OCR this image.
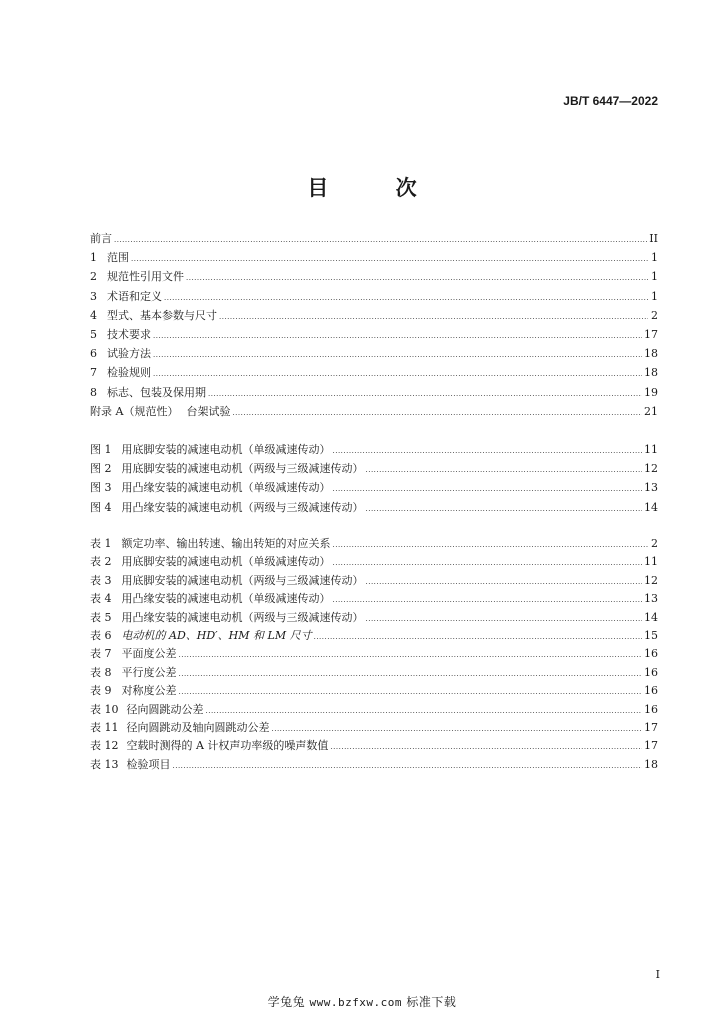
JB/T 6447—2022
目 次
前言 .....	II
1 范围 .....	1
2 规范性引用文件 .....	1
3 术语和定义 .....	1
4 型式、基本参数与尺寸 .....	2
5 技术要求 .....	17
6 试验方法 .....	18
7 检验规则 .....	18
8 标志、包装及保用期 .....	19
附录 A（规范性） 台架试验 .....	21
图 1 用底脚安装的减速电动机（单级减速传动） .....	11
图 2 用底脚安装的减速电动机（两级与三级减速传动） .....	12
图 3 用凸缘安装的减速电动机（单级减速传动） .....	13
图 4 用凸缘安装的减速电动机（两级与三级减速传动） .....	14
表 1 额定功率、输出转速、输出转矩的对应关系 .....	2
表 2 用底脚安装的减速电动机（单级减速传动） .....	11
表 3 用底脚安装的减速电动机（两级与三级减速传动） .....	12
表 4 用凸缘安装的减速电动机（单级减速传动） .....	13
表 5 用凸缘安装的减速电动机（两级与三级减速传动） .....	14
表 6 电动机的 AD、HD′、HM 和 LM 尺寸 .....	15
表 7 平面度公差 .....	16
表 8 平行度公差 .....	16
表 9 对称度公差 .....	16
表 10 径向圆跳动公差 .....	16
表 11 径向圆跳动及轴向圆跳动公差 .....	17
表 12 空载时测得的 A 计权声功率级的噪声数值 .....	17
表 13 检验项目 .....	18
I
学兔兔 www.bzfxw.com 标准下载
